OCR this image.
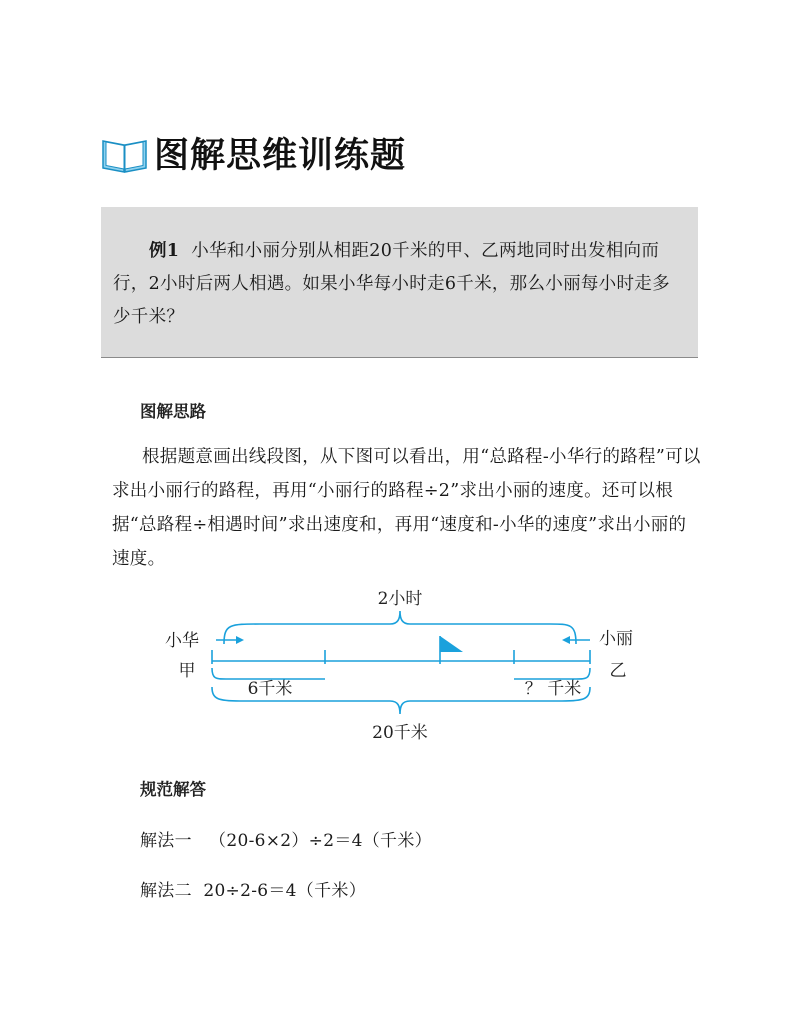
图解思维训练题

例1 小华和小丽分别从相距20千米的甲、乙两地同时出发相向而行，2小时后两人相遇。如果小华每小时走6千米，那么小丽每小时走多少千米？

图解思路

根据题意画出线段图，从下图可以看出，用“总路程-小华行的路程”可以求出小丽行的路程，再用“小丽行的路程÷2”求出小丽的速度。还可以根据“总路程÷相遇时间”求出速度和，再用“速度和-小华的速度”求出小丽的速度。

2小时
小华
甲
小丽
乙
6千米	？ 千米
20千米
规范解答
解法一 （20-6×2）÷2＝4（千米）
解法二 20÷2-6＝4（千米）
